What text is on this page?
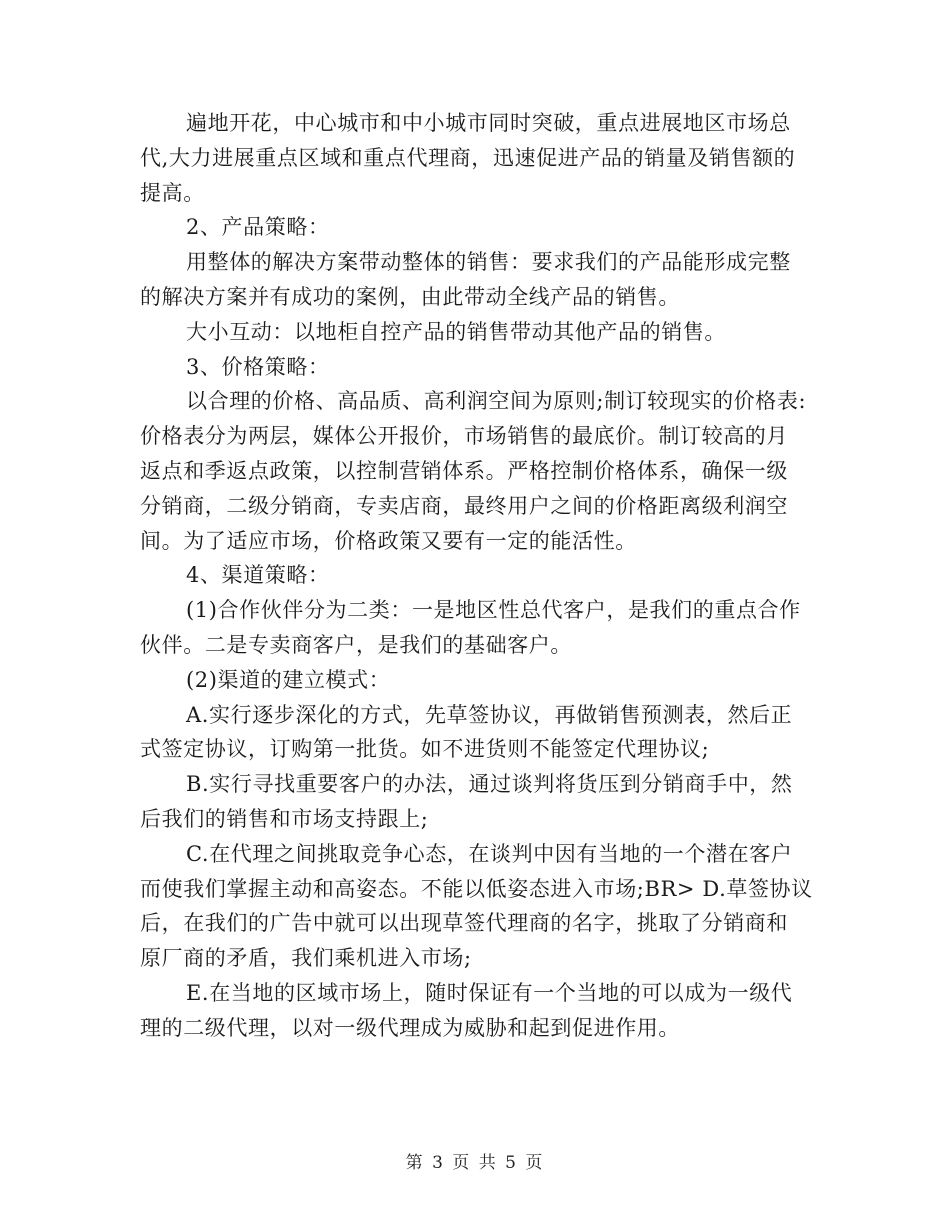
遍地开花，中心城市和中小城市同时突破，重点进展地区市场总
代,大力进展重点区域和重点代理商，迅速促进产品的销量及销售额的
提高。
2、产品策略：
用整体的解决方案带动整体的销售：要求我们的产品能形成完整
的解决方案并有成功的案例，由此带动全线产品的销售。
大小互动：以地柜自控产品的销售带动其他产品的销售。
3、价格策略：
以合理的价格、高品质、高利润空间为原则;制订较现实的价格表:
价格表分为两层，媒体公开报价，市场销售的最底价。制订较高的月
返点和季返点政策，以控制营销体系。严格控制价格体系，确保一级
分销商，二级分销商，专卖店商，最终用户之间的价格距离级利润空
间。为了适应市场，价格政策又要有一定的能活性。
4、渠道策略：
(1)合作伙伴分为二类：一是地区性总代客户，是我们的重点合作
伙伴。二是专卖商客户，是我们的基础客户。
(2)渠道的建立模式：
A.实行逐步深化的方式，先草签协议，再做销售预测表，然后正
式签定协议，订购第一批货。如不进货则不能签定代理协议;
B.实行寻找重要客户的办法，通过谈判将货压到分销商手中，然
后我们的销售和市场支持跟上;
C.在代理之间挑取竞争心态，在谈判中因有当地的一个潜在客户
而使我们掌握主动和高姿态。不能以低姿态进入市场;BR> D.草签协议
后，在我们的广告中就可以出现草签代理商的名字，挑取了分销商和
原厂商的矛盾，我们乘机进入市场;
E.在当地的区域市场上，随时保证有一个当地的可以成为一级代
理的二级代理，以对一级代理成为威胁和起到促进作用。
第 3 页 共 5 页
